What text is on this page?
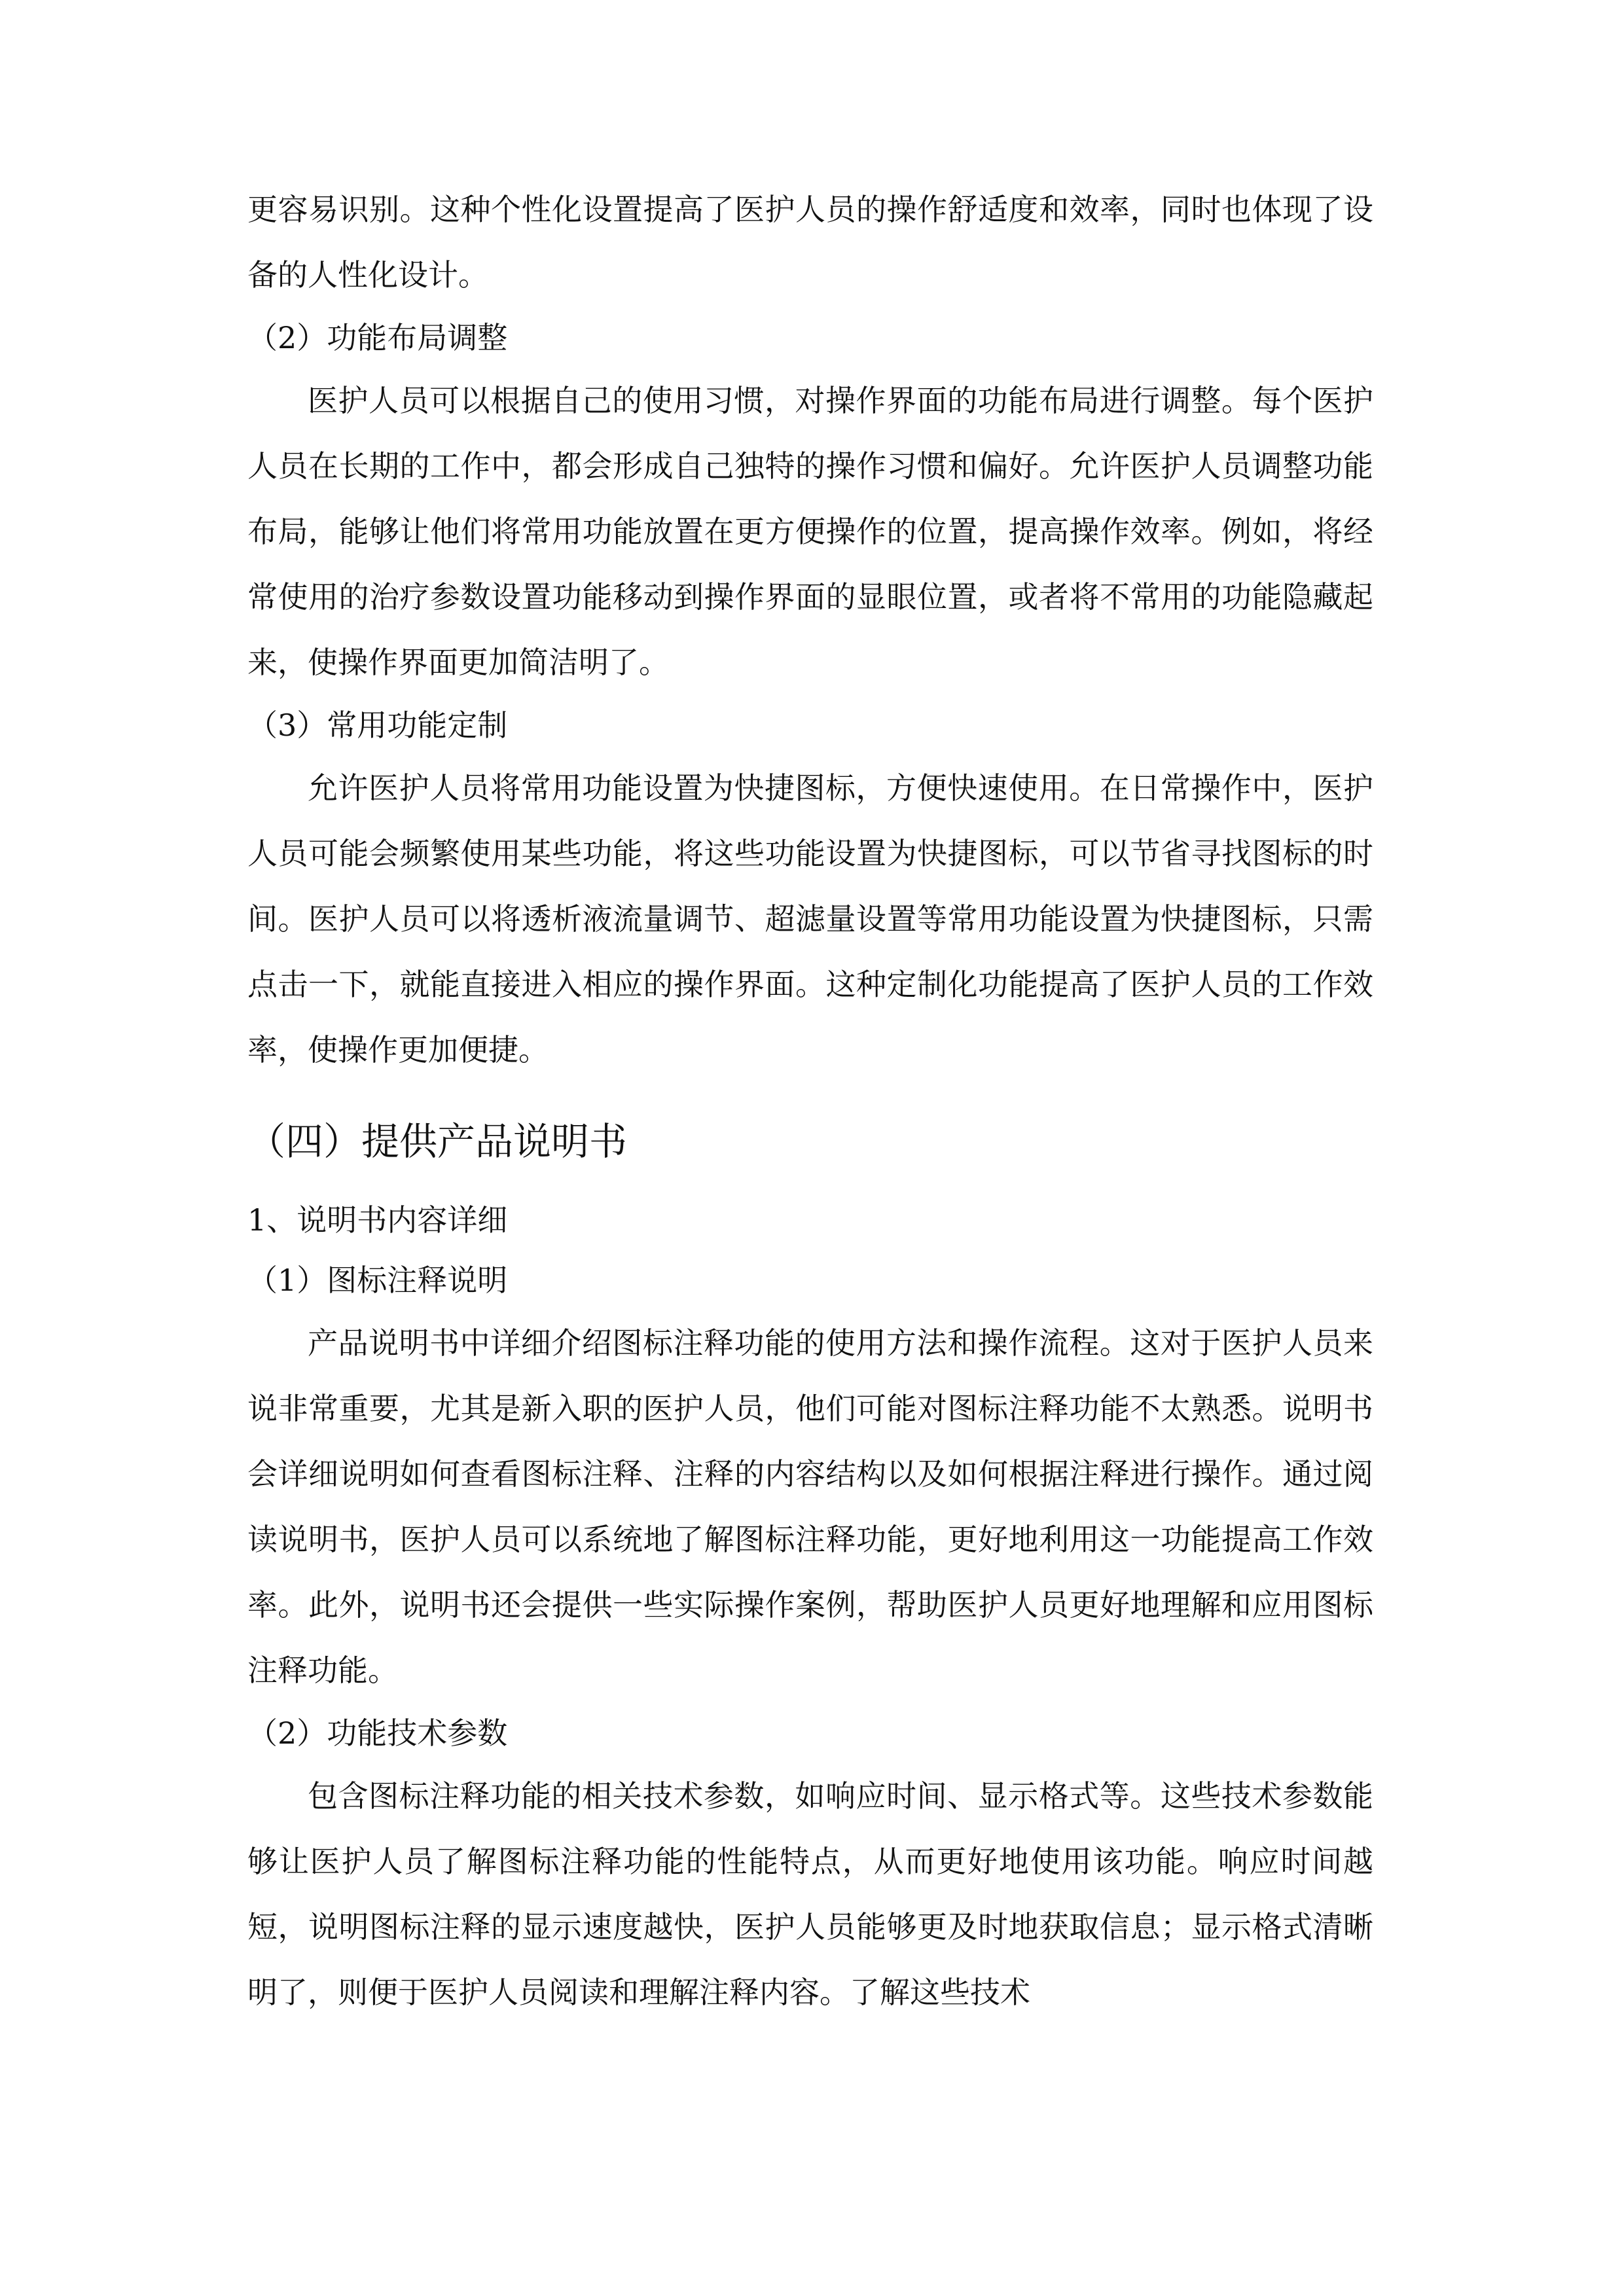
更容易识别。这种个性化设置提高了医护人员的操作舒适度和效率，同时也体现了设备的人性化设计。

（2）功能布局调整

医护人员可以根据自己的使用习惯，对操作界面的功能布局进行调整。每个医护人员在长期的工作中，都会形成自己独特的操作习惯和偏好。允许医护人员调整功能布局，能够让他们将常用功能放置在更方便操作的位置，提高操作效率。例如，将经常使用的治疗参数设置功能移动到操作界面的显眼位置，或者将不常用的功能隐藏起来，使操作界面更加简洁明了。

（3）常用功能定制

允许医护人员将常用功能设置为快捷图标，方便快速使用。在日常操作中，医护人员可能会频繁使用某些功能，将这些功能设置为快捷图标，可以节省寻找图标的时间。医护人员可以将透析液流量调节、超滤量设置等常用功能设置为快捷图标，只需点击一下，就能直接进入相应的操作界面。这种定制化功能提高了医护人员的工作效率，使操作更加便捷。

（四）提供产品说明书

1、说明书内容详细

（1）图标注释说明

产品说明书中详细介绍图标注释功能的使用方法和操作流程。这对于医护人员来说非常重要，尤其是新入职的医护人员，他们可能对图标注释功能不太熟悉。说明书会详细说明如何查看图标注释、注释的内容结构以及如何根据注释进行操作。通过阅读说明书，医护人员可以系统地了解图标注释功能，更好地利用这一功能提高工作效率。此外，说明书还会提供一些实际操作案例，帮助医护人员更好地理解和应用图标注释功能。

（2）功能技术参数

包含图标注释功能的相关技术参数，如响应时间、显示格式等。这些技术参数能够让医护人员了解图标注释功能的性能特点，从而更好地使用该功能。响应时间越短，说明图标注释的显示速度越快，医护人员能够更及时地获取信息；显示格式清晰明了，则便于医护人员阅读和理解注释内容。了解这些技术
